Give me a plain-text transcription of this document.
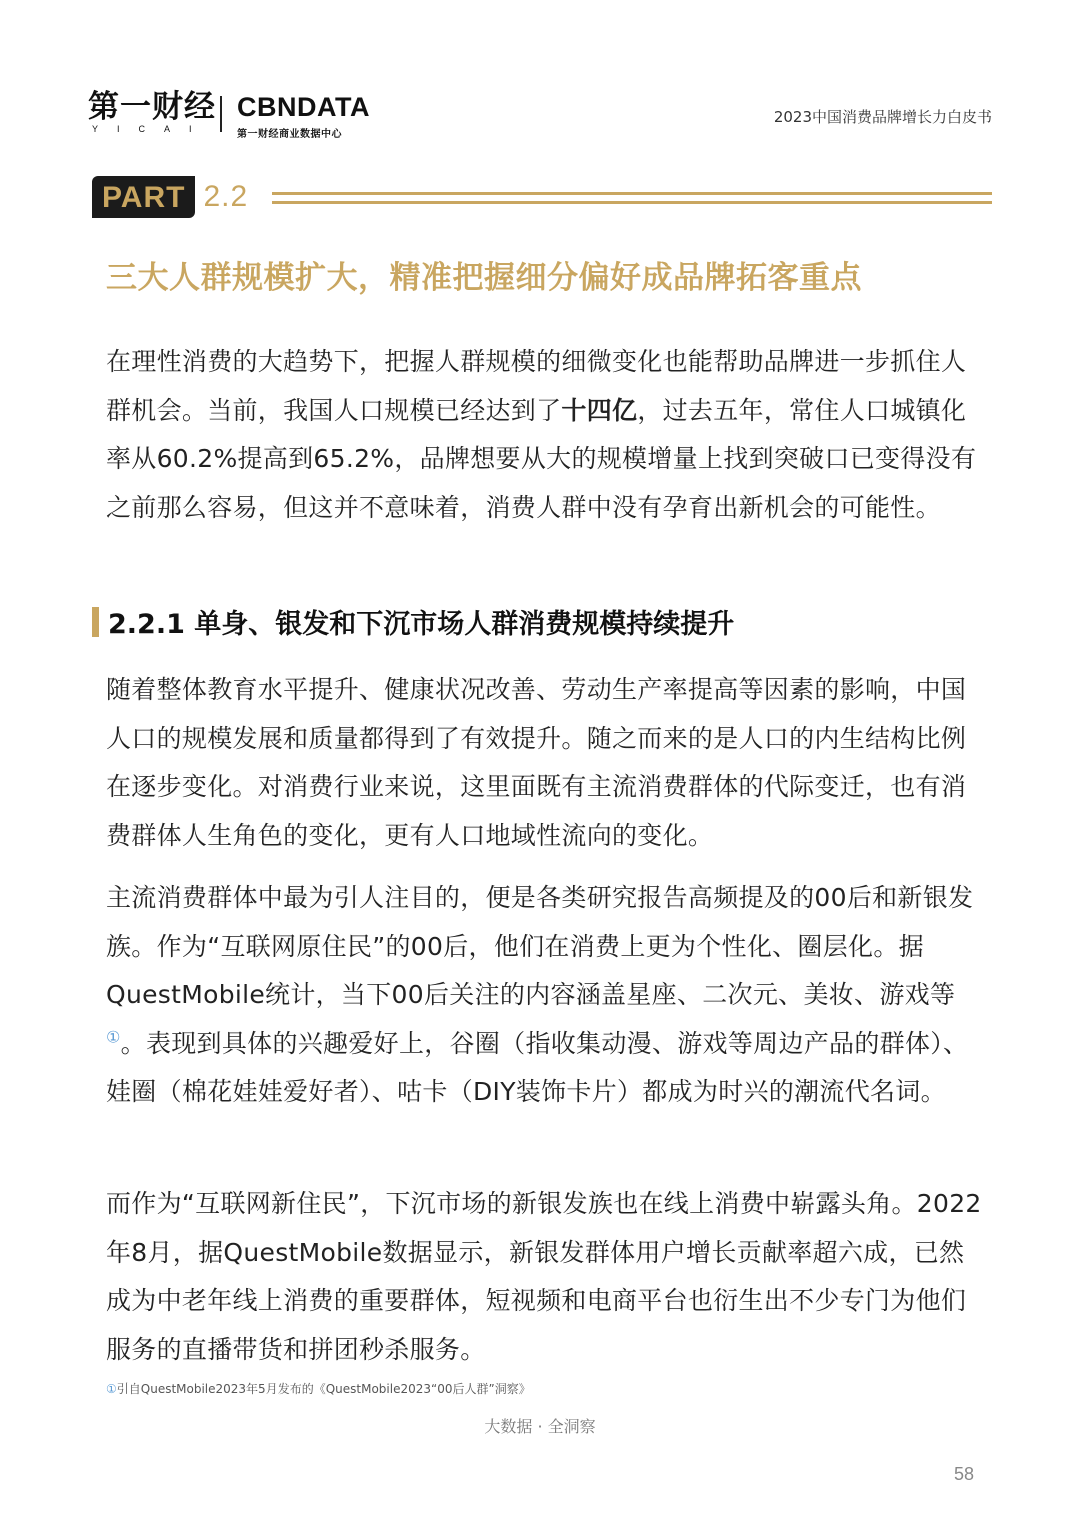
第一财经
YICAI
CBNDATA
第一财经商业数据中心
2023中国消费品牌增长力白皮书
PART 2.2
三大人群规模扩大，精准把握细分偏好成品牌拓客重点

在理性消费的大趋势下，把握人群规模的细微变化也能帮助品牌进一步抓住人群机会。当前，我国人口规模已经达到了十四亿，过去五年，常住人口城镇化率从60.2%提高到65.2%，品牌想要从大的规模增量上找到突破口已变得没有之前那么容易，但这并不意味着，消费人群中没有孕育出新机会的可能性。

2.2.1 单身、银发和下沉市场人群消费规模持续提升

随着整体教育水平提升、健康状况改善、劳动生产率提高等因素的影响，中国人口的规模发展和质量都得到了有效提升。随之而来的是人口的内生结构比例在逐步变化。对消费行业来说，这里面既有主流消费群体的代际变迁，也有消费群体人生角色的变化，更有人口地域性流向的变化。

主流消费群体中最为引人注目的，便是各类研究报告高频提及的00后和新银发族。作为“互联网原住民”的00后，他们在消费上更为个性化、圈层化。据QuestMobile统计，当下00后关注的内容涵盖星座、二次元、美妆、游戏等①。表现到具体的兴趣爱好上，谷圈（指收集动漫、游戏等周边产品的群体）、娃圈（棉花娃娃爱好者）、咕卡（DIY装饰卡片）都成为时兴的潮流代名词。

而作为“互联网新住民”，下沉市场的新银发族也在线上消费中崭露头角。2022年8月，据QuestMobile数据显示，新银发群体用户增长贡献率超六成，已然成为中老年线上消费的重要群体，短视频和电商平台也衍生出不少专门为他们服务的直播带货和拼团秒杀服务。

①引自QuestMobile2023年5月发布的《QuestMobile2023“00后人群”洞察》
大数据 · 全洞察
58
